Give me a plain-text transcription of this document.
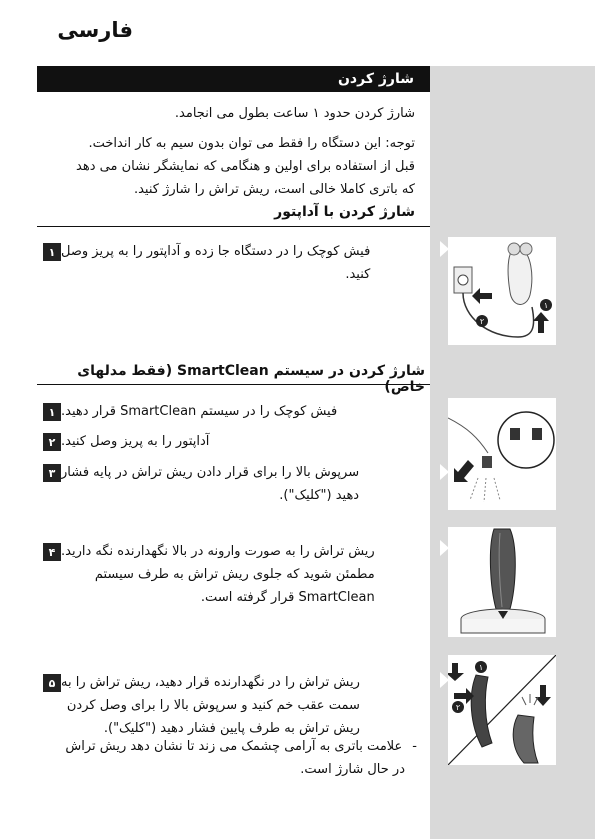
فارسی
شارژ کردن
شارژ کردن حدود ۱ ساعت بطول می انجامد.
توجه: این دستگاه را فقط می توان بدون سیم به کار انداخت.
قبل از استفاده برای اولین و هنگامی که نمایشگر نشان می دهد
که باتری کاملا خالی است، ریش تراش را شارژ کنید.
شارژ کردن با آداپتور
۱ فیش کوچک را در دستگاه جا زده و آداپتور را به پریز وصل
کنید.
۱
۲
شارژ کردن در سیستم SmartClean (فقط مدلهای خاص)
۱ فیش کوچک را در سیستم SmartClean قرار دهید.
۲ آداپتور را به پریز وصل کنید.
۳ سرپوش بالا را برای قرار دادن ریش تراش در پایه فشار
دهید ("کلیک").
۴ ریش تراش را به صورت وارونه در بالا نگهدارنده نگه دارید.
مطمئن شوید که جلوی ریش تراش به طرف سیستم
SmartClean قرار گرفته است.
۵ ریش تراش را در نگهدارنده قرار دهید، ریش تراش را به
سمت عقب خم کنید و سرپوش بالا را برای وصل کردن
ریش تراش به طرف پایین فشار دهید ("کلیک").
-علامت باتری به آرامی چشمک می زند تا نشان دهد ریش تراش
در حال شارژ است.
۱
۲
